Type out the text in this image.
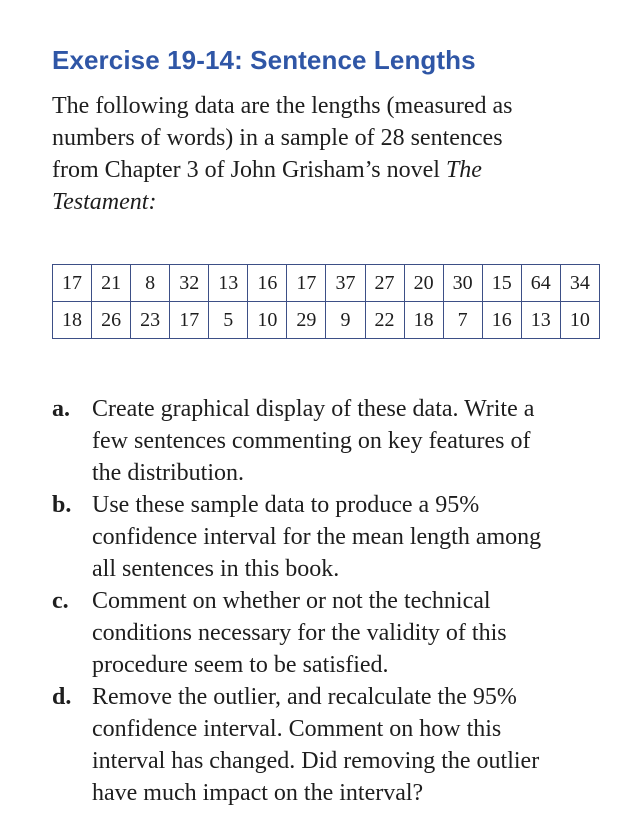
Exercise 19-14: Sentence Lengths

The following data are the lengths (measured as
numbers of words) in a sample of 28 sentences
from Chapter 3 of John Grisham’s novel The
Testament:

17	21	8	32	13	16	17	37	27	20	30	15	64	34
18	26	23	17	5	10	29	9	22	18	7	16	13	10
a. Create graphical display of these data. Write a
few sentences commenting on key features of
the distribution.
b. Use these sample data to produce a 95%
confidence interval for the mean length among
all sentences in this book.
c. Comment on whether or not the technical
conditions necessary for the validity of this
procedure seem to be satisfied.
d. Remove the outlier, and recalculate the 95%
confidence interval. Comment on how this
interval has changed. Did removing the outlier
have much impact on the interval?
